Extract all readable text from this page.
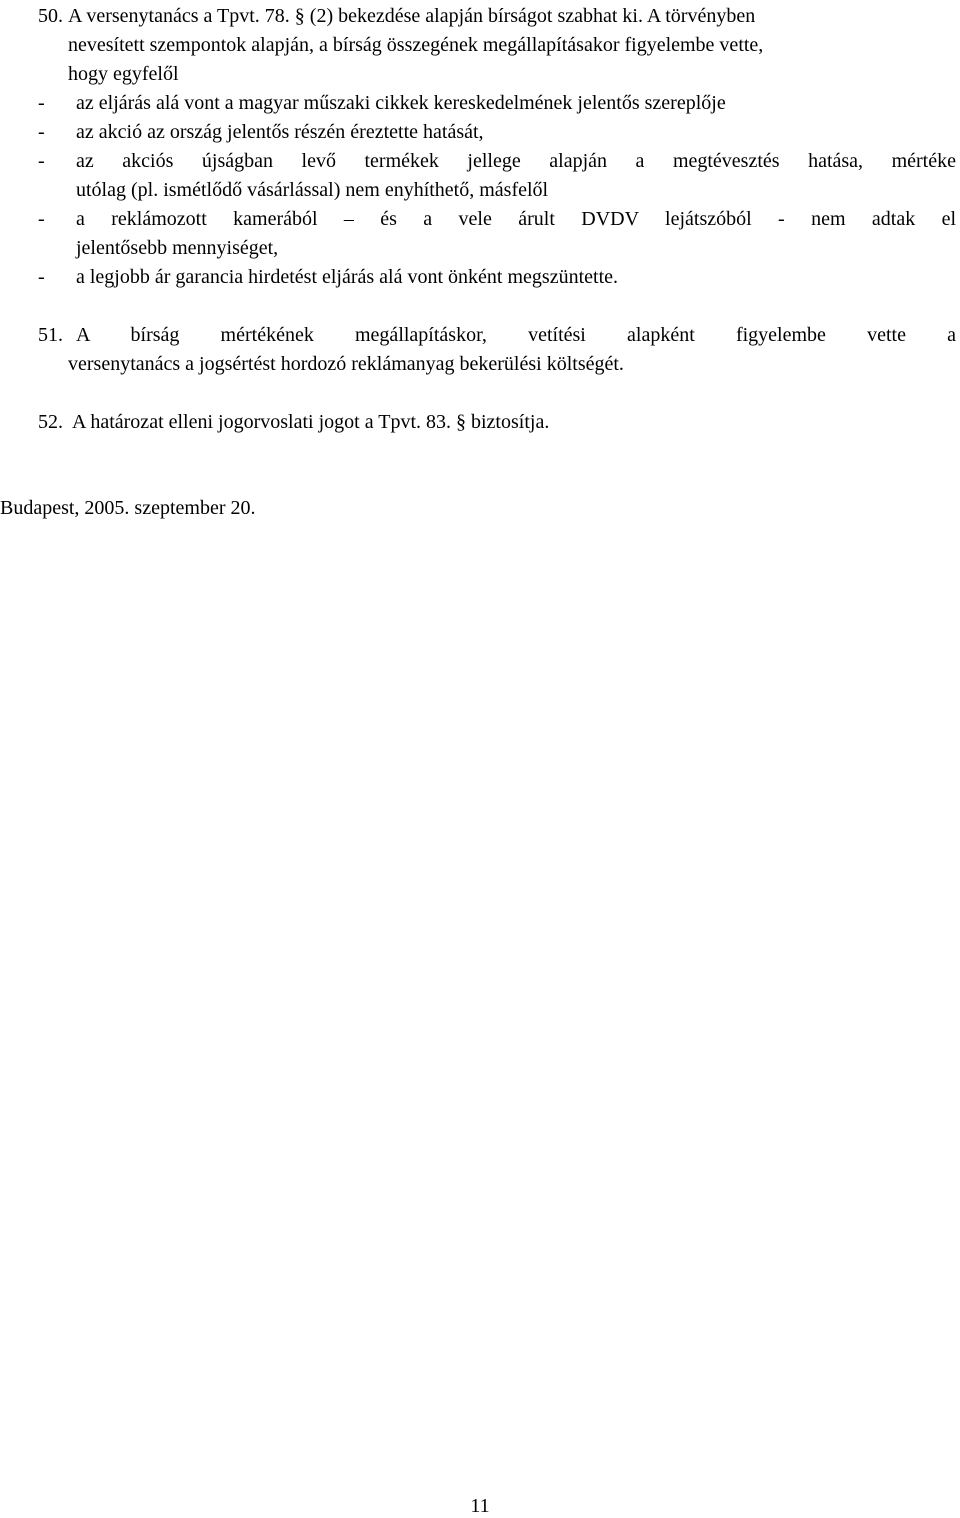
50. A versenytanács a Tpvt. 78. § (2) bekezdése alapján bírságot szabhat ki. A törvényben
nevesített szempontok alapján, a bírság összegének megállapításakor figyelembe vette,
hogy egyfelől
- az eljárás alá vont a magyar műszaki cikkek kereskedelmének jelentős szereplője
- az akció az ország jelentős részén éreztette hatását,
- az akciós újságban levő termékek jellege alapján a megtévesztés hatása, mértéke
utólag (pl. ismétlődő vásárlással) nem enyhíthető, másfelől
- a reklámozott kamerából – és a vele árult DVDV lejátszóból - nem adtak el
jelentősebb mennyiséget,
- a legjobb ár garancia hirdetést eljárás alá vont önként megszüntette.
51. A bírság mértékének megállapításkor, vetítési alapként figyelembe vette a
versenytanács a jogsértést hordozó reklámanyag bekerülési költségét.
52. A határozat elleni jogorvoslati jogot a Tpvt. 83. § biztosítja.
Budapest, 2005. szeptember 20.
11
